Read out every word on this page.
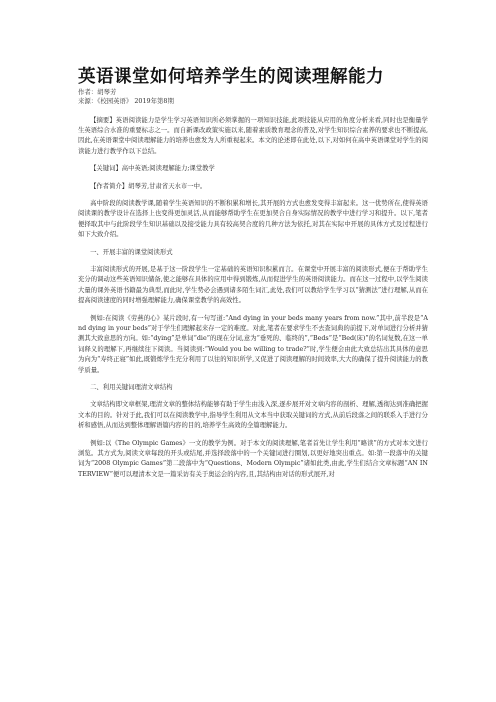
英语课堂如何培养学生的阅读理解能力
作者：胡琴芳
来源：《校园英语》 2019年第8期

【摘要】英语阅读能力是学生学习英语知识所必须掌握的一项知识技能,此项技能从应用的角度分析来看,同时也是衡量学生英语综合水准的重要标志之一。而自新课改政策实施以来,随着素质教育理念的普及,对学生知识综合素养的要求也不断提高,因此,在英语课堂中阅读理解能力的培养也愈发为人所重视起来。本文的论述即在此处,以下,对如何在高中英语课堂对学生的阅读能力进行教学作以下总结。

【关键词】高中英语;阅读理解能力;课堂教学

【作者简介】胡琴芳,甘肃省天水市一中。

高中阶段的阅读教学课,随着学生英语知识的不断积累和增长,其开展的方式也愈发变得丰富起来。这一优势所在,使得英语阅读课的教学设计在选择上也变得更加灵活,从而能够帮助学生在更加契合自身实际情况的教学中进行学习和提升。以下,笔者便择取其中与此阶段学生知识基础以及接受能力具有较高契合度的几种方法为依托,对其在实际中开展的具体方式及过程进行如下大致介绍。

一、开展丰富的课堂阅读形式

丰富阅读形式的开展,是基于这一阶段学生一定基础的英语知识积累而言。在课堂中开展丰富的阅读形式,便在于帮助学生充分的调动这些英语知识储备,使之能够在具体的应用中得到锻炼,从而促进学生的英语阅读能力。而在这一过程中,以学生阅读大量的课外英语书籍最为典型,而此时,学生势必会遇到诸多陌生词汇,此处,我们可以教给学生学习以“猜测法”进行理解,从而在提高阅读速度的同时增强理解能力,确保课堂教学的高效性。

例如:在阅读《劳燕的心》某片段时,有一句写道:“And dying in your beds many years from now.”其中,前半段是“And dying in your beds”对于学生们理解起来存一定的难度。对此,笔者在要求学生不去查词典的前提下,对单词进行分析并猜测其大致意思的方向。如:“dying”是单词“die”的现在分词,意为“垂死的、临终的”,“Beds”是“Bed(床)”的名词复数,在这一单词释义的理解下,再继续往下阅读。当阅读到:“Would you be willing to trade?”时,学生便会由此大致总结出其具体的意思为向为“寿终正寝”如此,既锻炼学生充分利用了以往的知识所学,又促进了阅读理解的时间效率,大大的确保了提升阅读能力的教学质量。

二、利用关键词理清文章结构

文章结构即文章框架,理清文章的整体结构能够有助于学生由浅入深,逐步展开对文章内容的剖析、理解,透彻达到准确把握文本的目的。针对于此,我们可以在阅读教学中,指导学生利用从文本当中获取关键词的方式,从前后段落之间的联系入手进行分析和感悟,从而达到整体理解语篇内容的目的,培养学生高效的全篇理解能力。

例如:以《The Olympic Games》一文的教学为例。对于本文的阅读理解,笔者首先让学生利用“略读”的方式对本文进行浏览。其方式为,阅读文章每段的开头或结尾,并选择段落中的一个关键词进行圈划,以更好地突出重点。如:第一段落中的关键词为“2008 Olympic Games”第二段落中为“Questions、Modern Olympic”诸如此类,由此,学生们结合文章标题“AN INTERVIEW”便可以理清本文是一篇采访有关于奥运会的内容,且,其结构由对话的形式展开,对
